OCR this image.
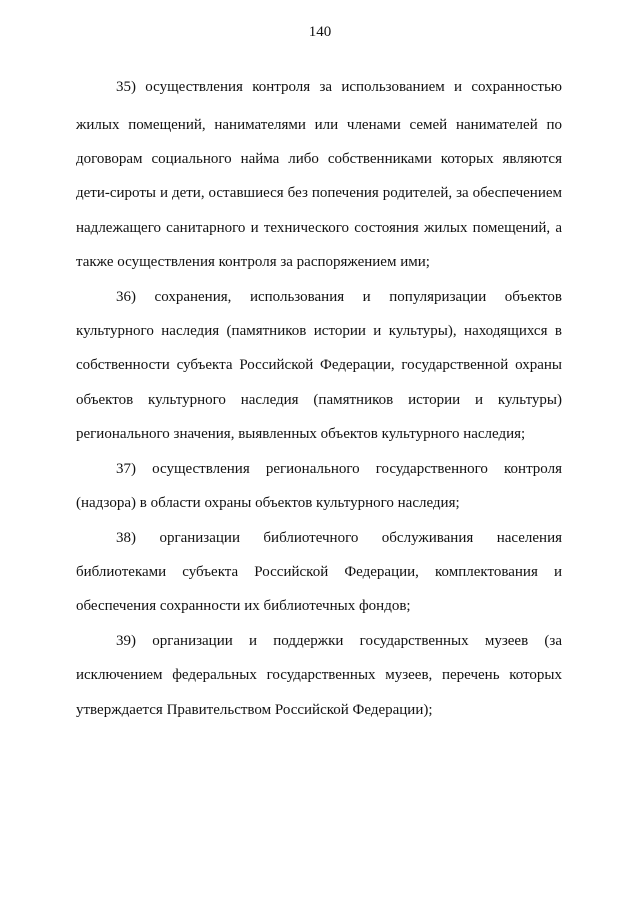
140
35) осуществления контроля за использованием и сохранностью
жилых помещений, нанимателями или членами семей нанимателей по
договорам социального найма либо собственниками которых являются
дети-сироты и дети, оставшиеся без попечения родителей, за обеспечением
надлежащего санитарного и технического состояния жилых помещений, а
также осуществления контроля за распоряжением ими;
36) сохранения, использования и популяризации объектов
культурного наследия (памятников истории и культуры), находящихся в
собственности субъекта Российской Федерации, государственной охраны
объектов культурного наследия (памятников истории и культуры)
регионального значения, выявленных объектов культурного наследия;
37) осуществления регионального государственного контроля
(надзора) в области охраны объектов культурного наследия;
38) организации библиотечного обслуживания населения
библиотеками субъекта Российской Федерации, комплектования и
обеспечения сохранности их библиотечных фондов;
39) организации и поддержки государственных музеев (за
исключением федеральных государственных музеев, перечень которых
утверждается Правительством Российской Федерации);
